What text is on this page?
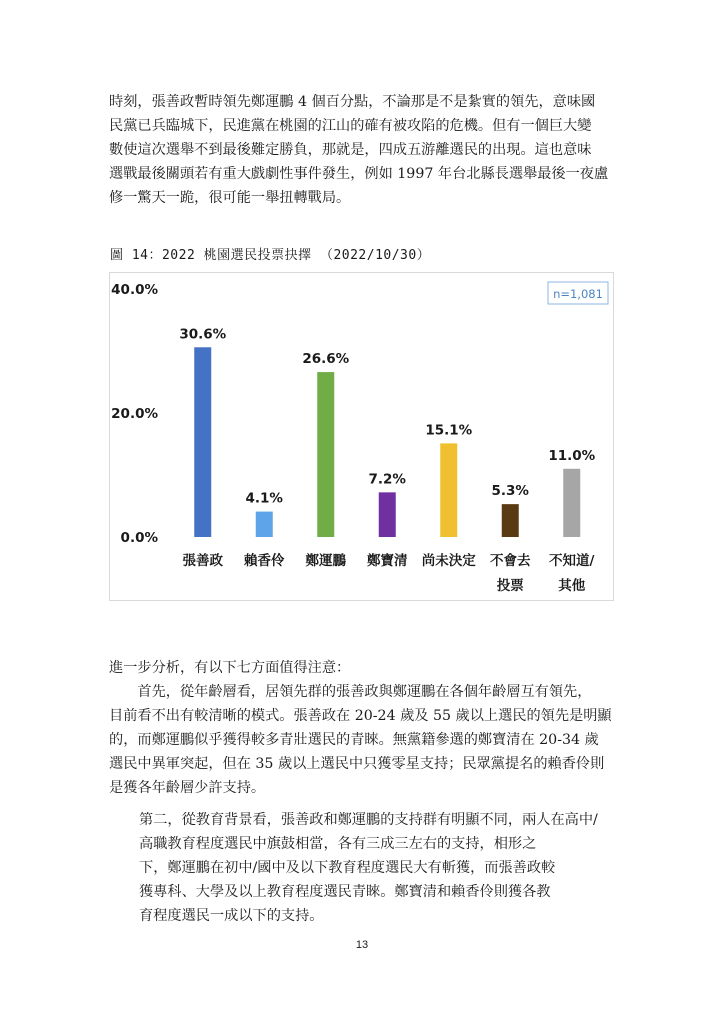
時刻，張善政暫時領先鄭運鵬 4 個百分點，不論那是不是紮實的領先，意味國

民黨已兵臨城下，民進黨在桃園的江山的確有被攻陷的危機。但有一個巨大變

數使這次選舉不到最後難定勝負，那就是，四成五游離選民的出現。這也意味

選戰最後關頭若有重大戲劇性事件發生，例如 1997 年台北縣長選舉最後一夜盧

修一驚天一跪，很可能一舉扭轉戰局。

圖 14：2022 桃園選民投票抉擇 （2022/10/30）
0.0%
20.0%
40.0%	n=1,081
30.6%
張善政
4.1%
賴香伶
26.6%
鄭運鵬
7.2%
鄭寶清
15.1%
尚未決定
5.3%
不會去
投票
11.0%
不知道/
其他

進一步分析，有以下七方面值得注意：

　　首先，從年齡層看，居領先群的張善政與鄭運鵬在各個年齡層互有領先，

目前看不出有較清晰的模式。張善政在 20-24 歲及 55 歲以上選民的領先是明顯

的，而鄭運鵬似乎獲得較多青壯選民的青睞。無黨籍參選的鄭寶清在 20-34 歲

選民中異軍突起，但在 35 歲以上選民中只獲零星支持；民眾黨提名的賴香伶則

是獲各年齡層少許支持。

第二，從教育背景看，張善政和鄭運鵬的支持群有明顯不同，兩人在高中/

高職教育程度選民中旗鼓相當，各有三成三左右的支持，相形之

下，鄭運鵬在初中/國中及以下教育程度選民大有斬獲，而張善政較

獲專科、大學及以上教育程度選民青睞。鄭寶清和賴香伶則獲各教

育程度選民一成以下的支持。

13
